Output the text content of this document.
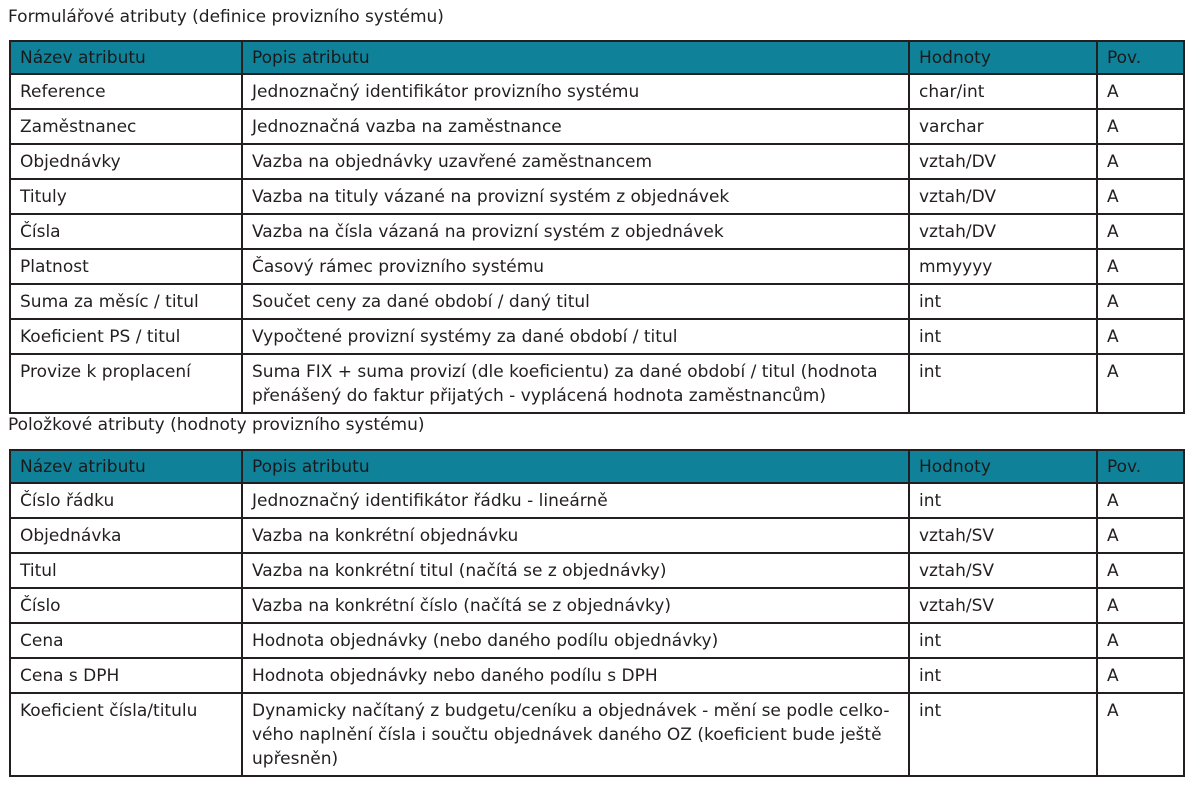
Formulářové atributy (definice provizního systému)
Název atributu	Popis atributu	Hodnoty	Pov.

Reference	Jednoznačný identifikátor provizního systému	char/int	A

Zaměstnanec	Jednoznačná vazba na zaměstnance	varchar	A

Objednávky	Vazba na objednávky uzavřené zaměstnancem	vztah/DV	A

Tituly	Vazba na tituly vázané na provizní systém z objednávek	vztah/DV	A

Čísla	Vazba na čísla vázaná na provizní systém z objednávek	vztah/DV	A

Platnost	Časový rámec provizního systému	mmyyyy	A

Suma za měsíc / titul	Součet ceny za dané období / daný titul	int	A

Koeficient PS / titul	Vypočtené provizní systémy za dané období / titul	int	A

Provize k proplacení	Suma FIX + suma provizí (dle koeficientu) za dané období / titul (hodnota
přenášený do faktur přijatých - vyplácená hodnota zaměstnancům)	int	A
Položkové atributy (hodnoty provizního systému)
Název atributu	Popis atributu	Hodnoty	Pov.

Číslo řádku	Jednoznačný identifikátor řádku - lineárně	int	A

Objednávka	Vazba na konkrétní objednávku	vztah/SV	A

Titul	Vazba na konkrétní titul (načítá se z objednávky)	vztah/SV	A

Číslo	Vazba na konkrétní číslo (načítá se z objednávky)	vztah/SV	A

Cena	Hodnota objednávky (nebo daného podílu objednávky)	int	A

Cena s DPH	Hodnota objednávky nebo daného podílu s DPH	int	A

Koeficient čísla/titulu	Dynamicky načítaný z budgetu/ceníku a objednávek - mění se podle celko-
vého naplnění čísla i součtu objednávek daného OZ (koeficient bude ještě
upřesněn)	int	A
